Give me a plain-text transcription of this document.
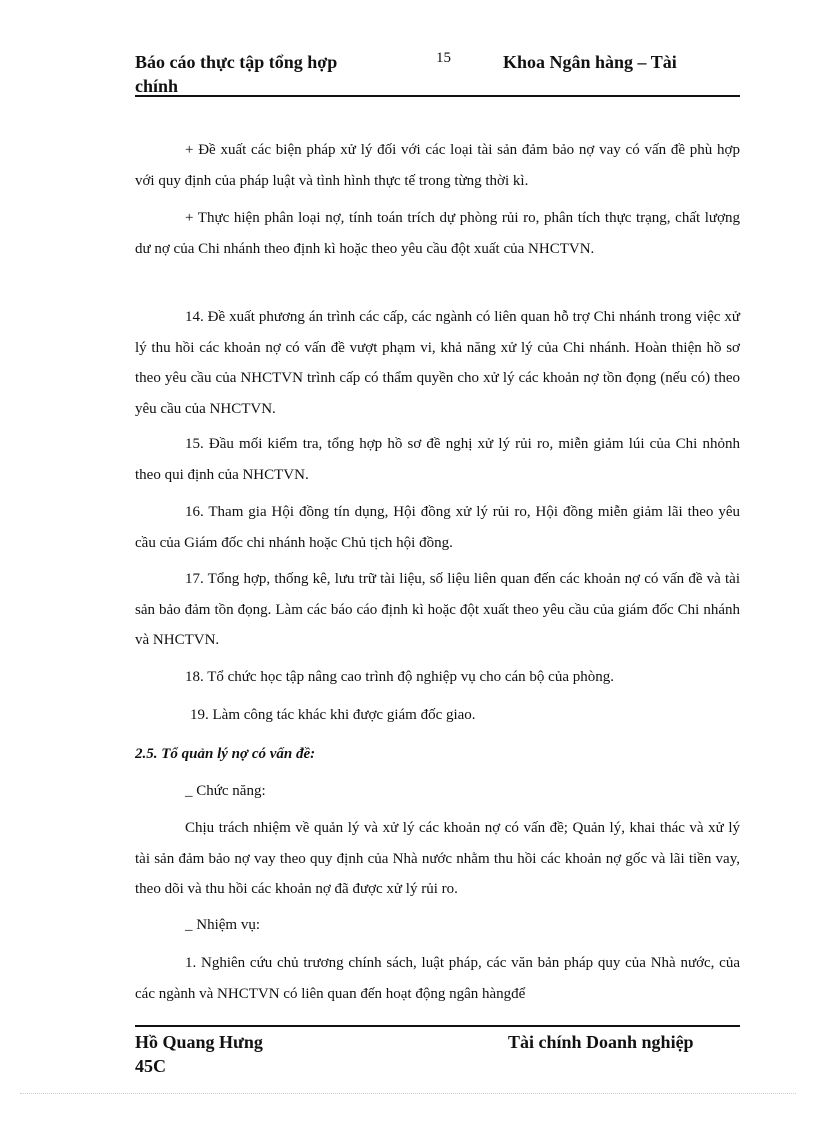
Báo cáo thực tập tổng hợp chính
15	Khoa Ngân hàng – Tài

+ Đề xuất các biện pháp xử lý đối với các loại tài sản đảm bảo nợ vay có vấn đề phù hợp với quy định của pháp luật và tình hình thực tế trong từng thời kì.

+ Thực hiện phân loại nợ, tính toán trích dự phòng rủi ro, phân tích thực trạng, chất lượng dư nợ của Chi nhánh theo định kì hoặc theo yêu cầu đột xuất của NHCTVN.

14. Đề xuất phương án trình các cấp, các ngành có liên quan hỗ trợ Chi nhánh trong việc xử lý thu hồi các khoản nợ có vấn đề vượt phạm vi, khả năng xử lý của Chi nhánh. Hoàn thiện hồ sơ theo yêu cầu của NHCTVN trình cấp có thẩm quyền cho xử lý các khoản nợ tồn đọng (nếu có) theo yêu cầu của NHCTVN.

15. Đầu mối kiểm tra, tổng hợp hồ sơ đề nghị xử lý rủi ro, miễn giảm lúi của Chi nhỏnh theo qui định của NHCTVN.

16. Tham gia Hội đồng tín dụng, Hội đồng xử lý rủi ro, Hội đồng miễn giảm lãi theo yêu cầu của Giám đốc chi nhánh hoặc Chủ tịch hội đồng.

17. Tổng hợp, thống kê, lưu trữ tài liệu, số liệu liên quan đến các khoản nợ có vấn đề và tài sản bảo đảm tồn đọng. Làm các báo cáo định kì hoặc đột xuất theo yêu cầu của giám đốc Chi nhánh và NHCTVN.

18. Tổ chức học tập nâng cao trình độ nghiệp vụ cho cán bộ của phòng.

19. Làm công tác khác khi được giám đốc giao.

2.5. Tổ quản lý nợ có vấn đề:

_ Chức năng:

Chịu trách nhiệm về quản lý và xử lý các khoản nợ có vấn đề; Quản lý, khai thác và xử lý tài sản đảm bảo nợ vay theo quy định của Nhà nước nhằm thu hồi các khoản nợ gốc và lãi tiền vay, theo dõi và thu hồi các khoản nợ đã được xử lý rủi ro.

_ Nhiệm vụ:

1. Nghiên cứu chủ trương chính sách, luật pháp, các văn bản pháp quy của Nhà nước, của các ngành và NHCTVN có liên quan đến hoạt động ngân hàngđể

Hồ Quang Hưng 45C
Tài chính Doanh nghiệp
